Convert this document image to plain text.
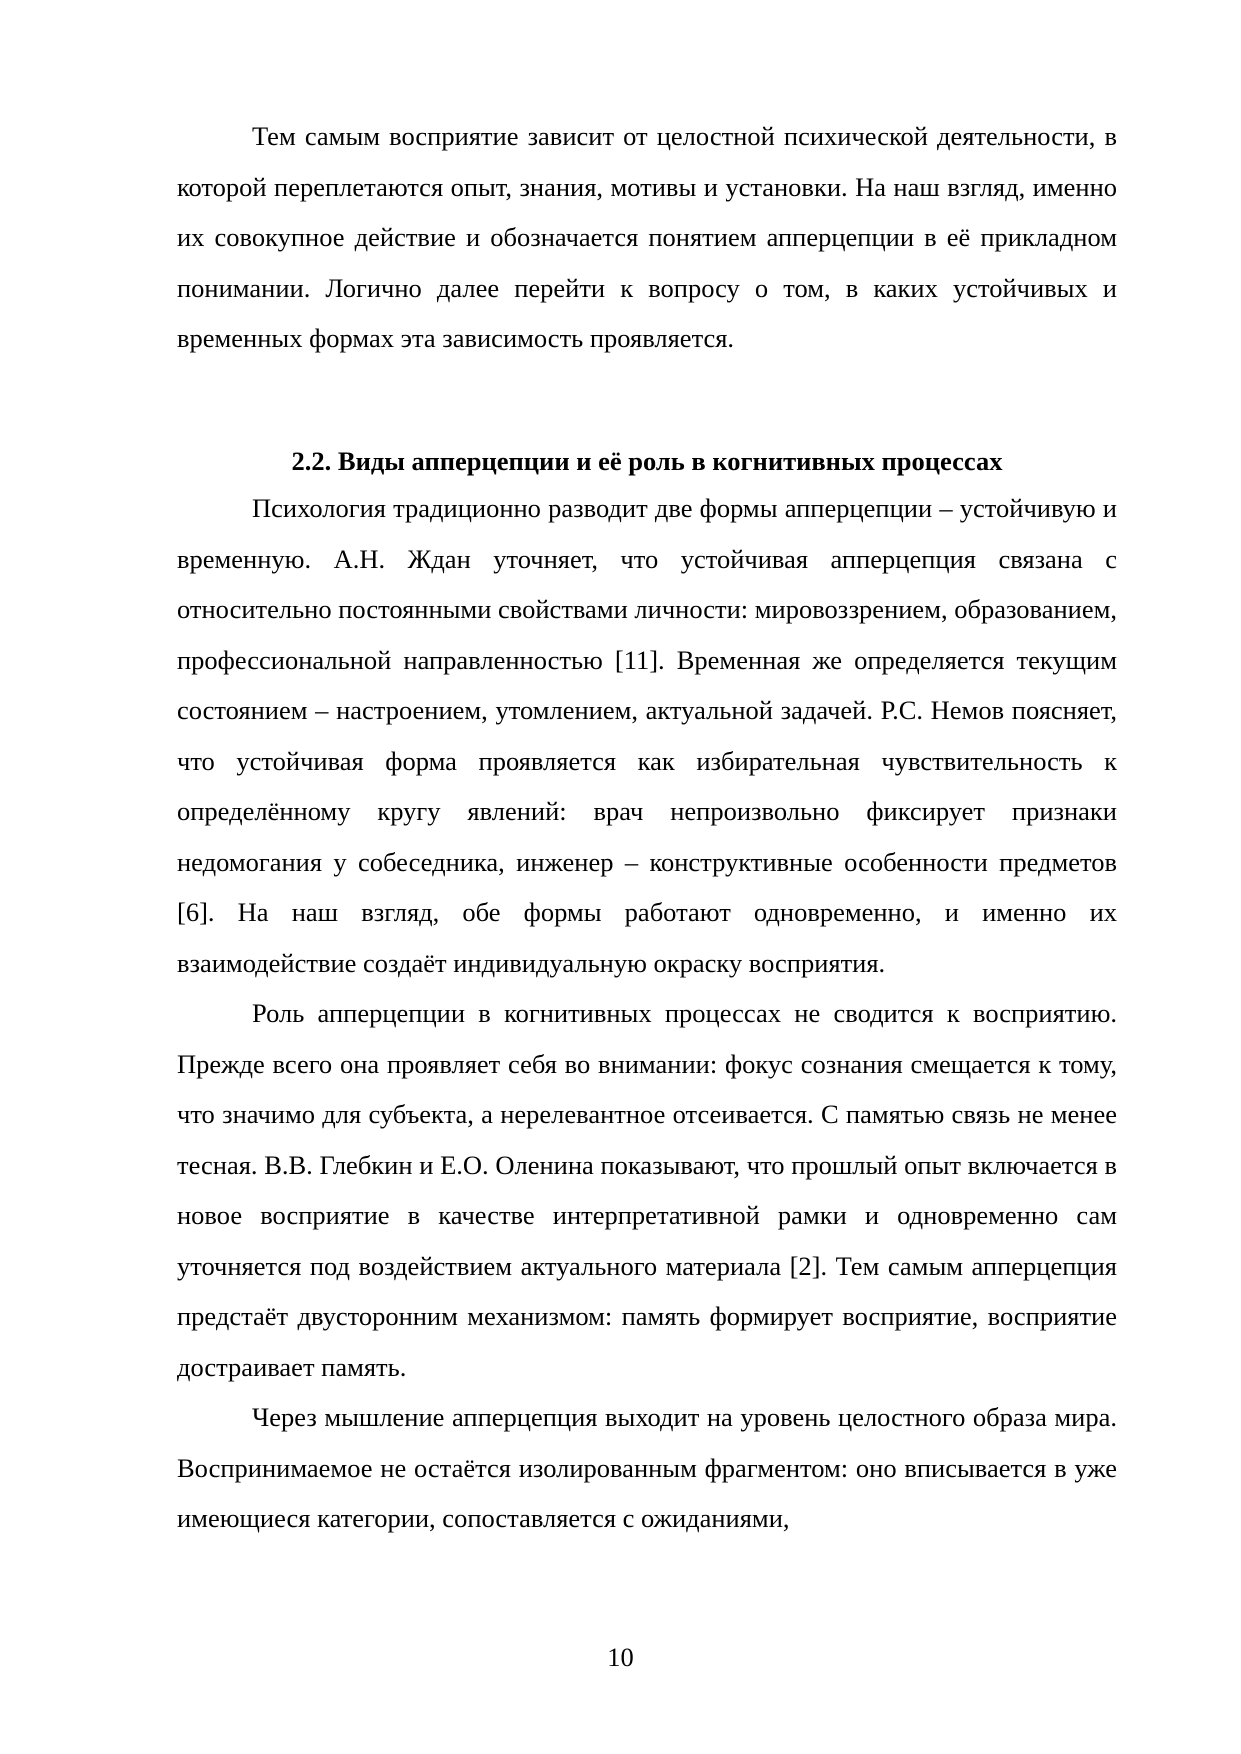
Тем самым восприятие зависит от целостной психической деятельности, в которой переплетаются опыт, знания, мотивы и установки. На наш взгляд, именно их совокупное действие и обозначается понятием апперцепции в её прикладном понимании. Логично далее перейти к вопросу о том, в каких устойчивых и временных формах эта зависимость проявляется.

2.2. Виды апперцепции и её роль в когнитивных процессах

Психология традиционно разводит две формы апперцепции – устойчивую и временную. А.Н. Ждан уточняет, что устойчивая апперцепция связана с относительно постоянными свойствами личности: мировоззрением, образованием, профессиональной направленностью [11]. Временная же определяется текущим состоянием – настроением, утомлением, актуальной задачей. Р.С. Немов поясняет, что устойчивая форма проявляется как избирательная чувствительность к определённому кругу явлений: врач непроизвольно фиксирует признаки недомогания у собеседника, инженер – конструктивные особенности предметов [6]. На наш взгляд, обе формы работают одновременно, и именно их взаимодействие создаёт индивидуальную окраску восприятия.

Роль апперцепции в когнитивных процессах не сводится к восприятию. Прежде всего она проявляет себя во внимании: фокус сознания смещается к тому, что значимо для субъекта, а нерелевантное отсеивается. С памятью связь не менее тесная. В.В. Глебкин и Е.О. Оленина показывают, что прошлый опыт включается в новое восприятие в качестве интерпретативной рамки и одновременно сам уточняется под воздействием актуального материала [2]. Тем самым апперцепция предстаёт двусторонним механизмом: память формирует восприятие, восприятие достраивает память.

Через мышление апперцепция выходит на уровень целостного образа мира. Воспринимаемое не остаётся изолированным фрагментом: оно вписывается в уже имеющиеся категории, сопоставляется с ожиданиями,

10
